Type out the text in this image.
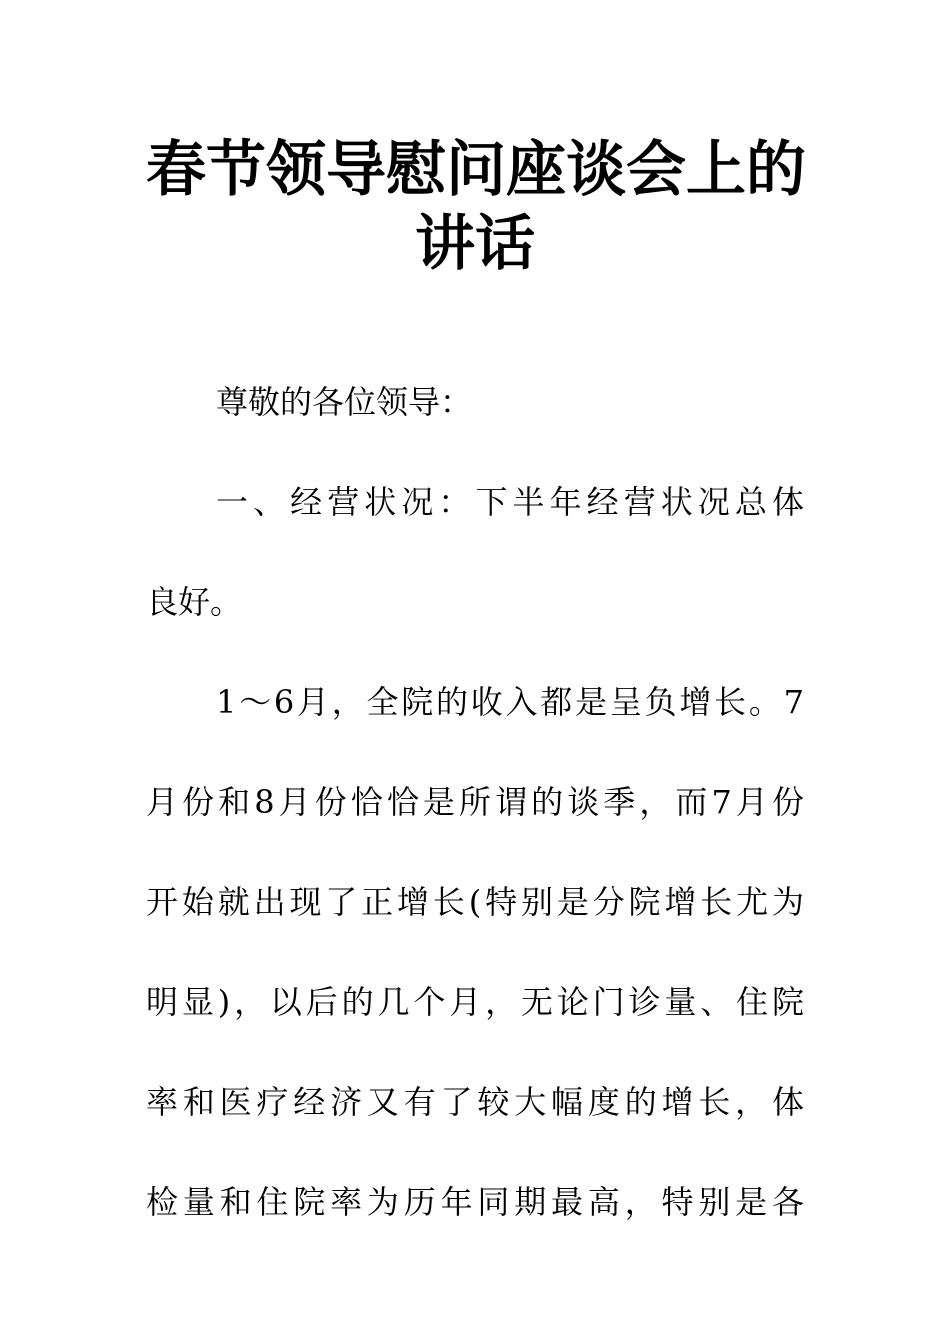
春节领导慰问座谈会上的
讲话

尊敬的各位领导：

一、经营状况：下半年经营状况总体

良好。

1～6月，全院的收入都是呈负增长。7

月份和8月份恰恰是所谓的谈季，而7月份

开始就出现了正增长(特别是分院增长尤为

明显)，以后的几个月，无论门诊量、住院

率和医疗经济又有了较大幅度的增长，体

检量和住院率为历年同期最高，特别是各
